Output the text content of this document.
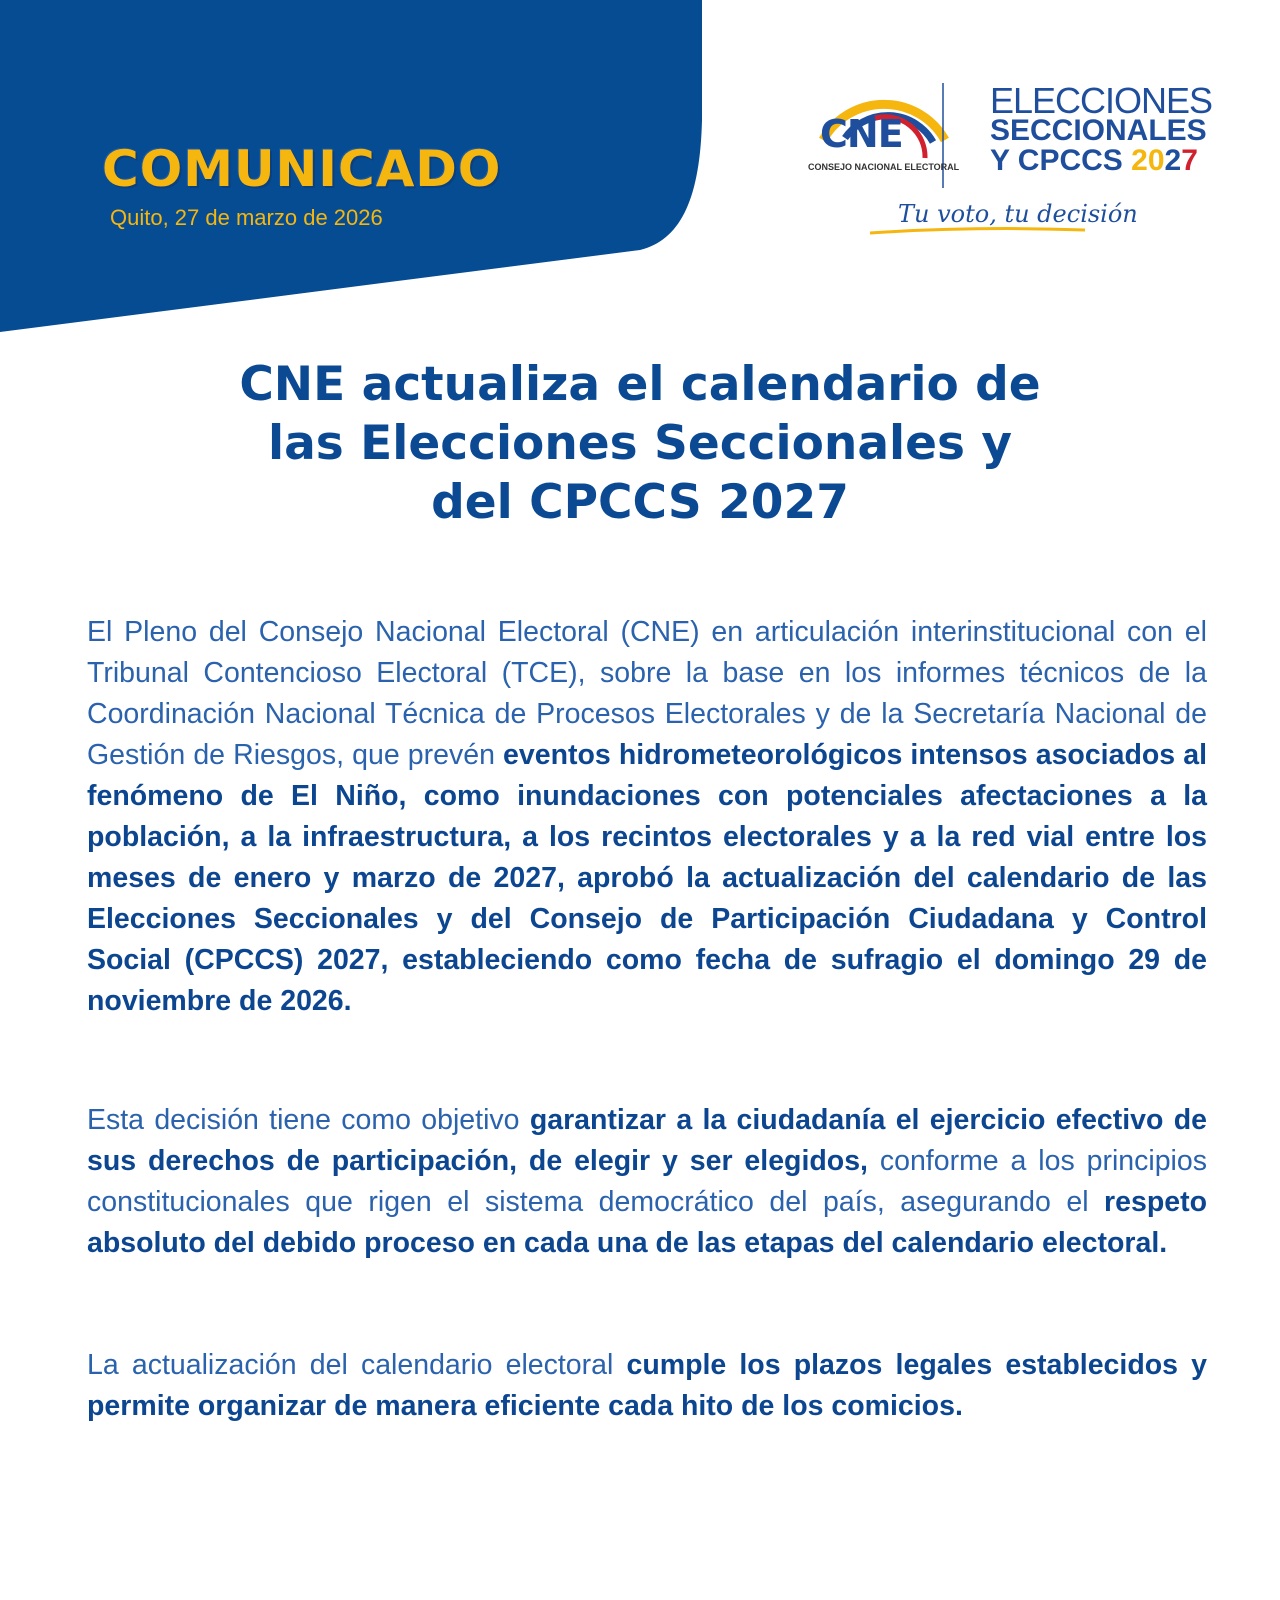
COMUNICADO
Quito, 27 de marzo de 2026
CNE
CONSEJO NACIONAL ELECTORAL
ELECCIONES
SECCIONALES
Y CPCCS 2027
Tu voto, tu decisión
CNE actualiza el calendario de
las Elecciones Seccionales y
del CPCCS 2027
El Pleno del Consejo Nacional Electoral (CNE) en articulación interinstitucional con el Tribunal Contencioso Electoral (TCE), sobre la base en los informes técnicos de la Coordinación Nacional Técnica de Procesos Electorales y de la Secretaría Nacional de Gestión de Riesgos, que prevén eventos hidrometeorológicos intensos asociados al fenómeno de El Niño, como inundaciones con potenciales afectaciones a la población, a la infraestructura, a los recintos electorales y a la red vial entre los meses de enero y marzo de 2027, aprobó la actualización del calendario de las Elecciones Seccionales y del Consejo de Participación Ciudadana y Control Social (CPCCS) 2027, estableciendo como fecha de sufragio el domingo 29 de noviembre de 2026.
Esta decisión tiene como objetivo garantizar a la ciudadanía el ejercicio efectivo de sus derechos de participación, de elegir y ser elegidos, conforme a los principios constitucionales que rigen el sistema democrático del país, asegurando el respeto absoluto del debido proceso en cada una de las etapas del calendario electoral.
La actualización del calendario electoral cumple los plazos legales establecidos y permite organizar de manera eficiente cada hito de los comicios.
